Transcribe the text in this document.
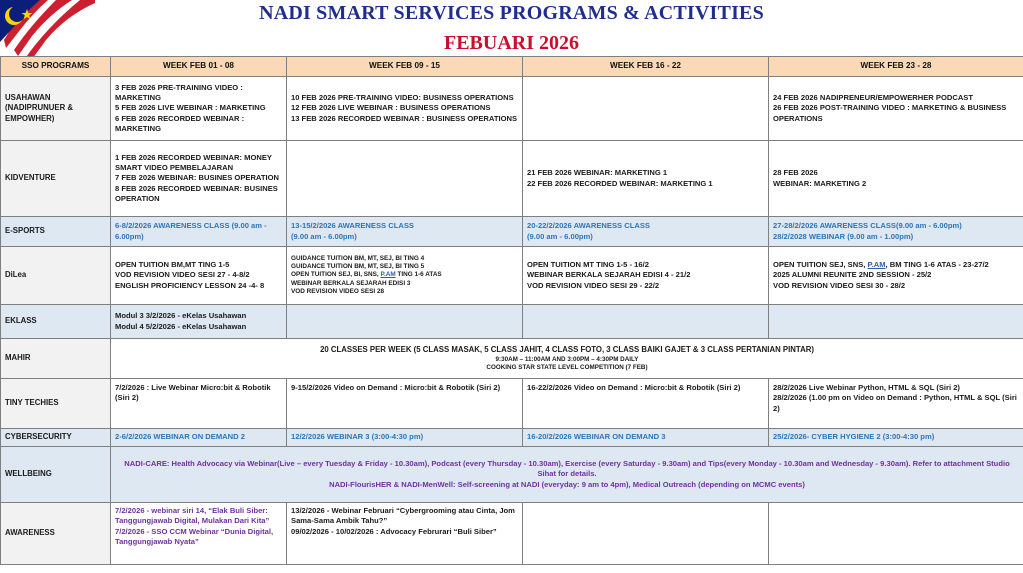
NADI SMART SERVICES PROGRAMS & ACTIVITIES
FEBUARI 2026
SSO PROGRAMS	WEEK FEB 01 - 08	WEEK FEB 09 - 15	WEEK FEB 16 - 22	WEEK FEB 23 - 28
USAHAWAN (NADIPRUNUER & EMPOWHER)	3 FEB 2026 PRE-TRAINING VIDEO : MARKETING
5 FEB 2026 LIVE WEBINAR : MARKETING
6 FEB 2026 RECORDED WEBINAR : MARKETING	10 FEB 2026 PRE-TRAINING VIDEO: BUSINESS OPERATIONS
12 FEB 2026 LIVE WEBINAR : BUSINESS OPERATIONS
13 FEB 2026 RECORDED WEBINAR : BUSINESS OPERATIONS		24 FEB 2026 NADIPRENEUR/EMPOWERHER PODCAST
26 FEB 2026 POST-TRAINING VIDEO : MARKETING & BUSINESS OPERATIONS

KIDVENTURE	1 FEB 2026 RECORDED WEBINAR: MONEY SMART VIDEO PEMBELAJARAN
7 FEB 2026 WEBINAR: BUSINES OPERATION
8 FEB 2026 RECORDED WEBINAR: BUSINES OPERATION		21 FEB 2026 WEBINAR: MARKETING 1
22 FEB 2026 RECORDED WEBINAR: MARKETING 1	28 FEB 2026
WEBINAR: MARKETING 2

E-SPORTS	6-8/2/2026 AWARENESS CLASS (9.00 am - 6.00pm)	13-15/2/2026 AWARENESS CLASS
(9.00 am - 6.00pm)	20-22/2/2026 AWARENESS CLASS
(9.00 am - 6.00pm)	27-28/2/2026 AWARENESS CLASS(9.00 am - 6.00pm)
28/2/2028 WEBINAR (9.00 am - 1.00pm)

DiLea	OPEN TUITION BM,MT TING 1-5
VOD REVISION VIDEO SESI 27 - 4-8/2
ENGLISH PROFICIENCY LESSON 24 -4- 8	GUIDANCE TUITION BM, MT, SEJ, BI TING 4
GUIDANCE TUITION BM, MT, SEJ, BI TING 5
OPEN TUITION SEJ, BI, SNS, P.AM TING 1-6 ATAS
WEBINAR BERKALA SEJARAH EDISI 3
VOD REVISION VIDEO SESI 28	OPEN TUITION MT TING 1-5 - 16/2
WEBINAR BERKALA SEJARAH EDISI 4 - 21/2
VOD REVISION VIDEO SESI 29 - 22/2	OPEN TUITION SEJ, SNS, P.AM, BM TING 1-6 ATAS - 23-27/2
2025 ALUMNI REUNITE 2ND SESSION - 25/2
VOD REVISION VIDEO SESI 30 - 28/2

EKLASS	Modul 3 3/2/2026 - eKelas Usahawan
Modul 4 5/2/2026 - eKelas Usahawan			

MAHIR	20 CLASSES PER WEEK (5 CLASS MASAK, 5 CLASS JAHIT, 4 CLASS FOTO, 3 CLASS BAIKI GAJET & 3 CLASS PERTANIAN PINTAR)
9:30AM – 11:00AM AND 3:00PM – 4:30PM DAILY
COOKING STAR STATE LEVEL COMPETITION (7 FEB)			

TINY TECHIES	7/2/2026 : Live Webinar Micro:bit & Robotik (Siri 2)	9-15/2/2026 Video on Demand : Micro:bit & Robotik (Siri 2)	16-22/2/2026 Video on Demand : Micro:bit & Robotik (Siri 2)	28/2/2026 Live Webinar Python, HTML & SQL (Siri 2)
28/2/2026 (1.00 pm on Video on Demand : Python, HTML & SQL (Siri 2)

CYBERSECURITY	2-6/2/2026 WEBINAR ON DEMAND 2	12/2/2026 WEBINAR 3 (3:00-4:30 pm)	16-20/2/2026 WEBINAR ON DEMAND 3	25/2/2026- CYBER HYGIENE 2 (3:00-4:30 pm)
WELLBEING	NADI-CARE: Health Advocacy via Webinar(Live – every Tuesday & Friday - 10.30am), Podcast (every Thursday - 10.30am), Exercise (every Saturday - 9.30am) and Tips(every Monday - 10.30am and Wednesday - 9.30am). Refer to attachment Studio Sihat for details.
NADI-FlourisHER & NADI-MenWell: Self-screening at NADI (everyday: 9 am to 4pm), Medical Outreach (depending on MCMC events)			

AWARENESS	7/2/2026 - webinar siri 14, “Elak Buli Siber: Tanggungjawab Digital, Mulakan Dari Kita”
7/2/2026 - SSO CCM Webinar “Dunia Digital, Tanggungjawab Nyata”	13/2/2026 - Webinar Februari “Cybergrooming atau Cinta, Jom Sama-Sama Ambik Tahu?”
09/02/2026 - 10/02/2026 : Advocacy Februrari “Buli Siber”		
